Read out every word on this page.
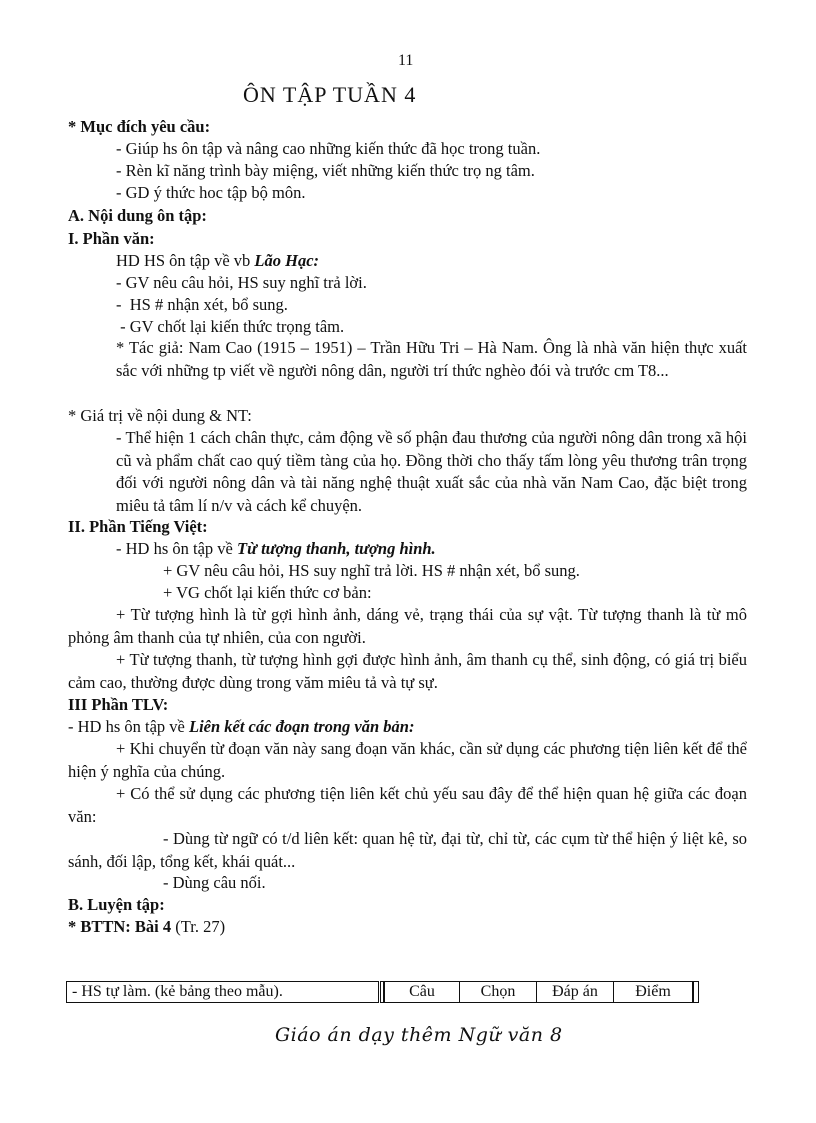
11
ÔN TẬP TUẦN 4
* Mục đích yêu cầu:
- Giúp hs ôn tập và nâng cao những kiến thức đã học trong tuần.
- Rèn kĩ năng trình bày miệng, viết những kiến thức trọ ng tâm.
- GD ý thức hoc tập bộ môn.
A. Nội dung ôn tập:
I. Phần văn:
HD HS ôn tập về vb Lão Hạc:
- GV nêu câu hỏi, HS suy nghĩ trả lời.
-  HS # nhận xét, bổ sung.
- GV chốt lại kiến thức trọng tâm.
* Tác giả: Nam Cao (1915 – 1951) – Trần Hữu Tri – Hà Nam. Ông là nhà văn hiện thực xuất sắc với những tp viết về người nông dân, người trí thức nghèo đói và trước cm T8...
* Giá trị về nội dung & NT:
- Thể hiện 1 cách chân thực, cảm động về số phận đau thương của người nông dân trong xã hội cũ và phẩm chất cao quý tiềm tàng của họ. Đồng thời cho thấy tấm lòng yêu thương trân trọng đối với người nông dân và tài năng nghệ thuật xuất sắc của nhà văn Nam Cao, đặc biệt trong miêu tả tâm lí n/v và cách kể chuyện.
II. Phần Tiếng Việt:
- HD hs ôn tập về Từ tượng thanh, tượng hình.
+ GV nêu câu hỏi, HS suy nghĩ trả lời. HS # nhận xét, bổ sung.
+ VG chốt lại kiến thức cơ bản:
+ Từ tượng hình là từ gợi hình ảnh, dáng vẻ, trạng thái của sự vật. Từ tượng thanh là từ mô phỏng âm thanh của tự nhiên, của con người.
+ Từ tượng thanh, từ tượng hình gợi được hình ảnh, âm thanh cụ thể, sinh động, có giá trị biểu cảm cao, thường được dùng trong văm miêu tả và tự sự.
III Phần TLV:
- HD hs ôn tập về Liên kết các đoạn trong văn bản:
+ Khi chuyển từ đoạn văn này sang đoạn văn khác, cần sử dụng các phương tiện liên kết để thể hiện ý nghĩa của chúng.
+ Có thể sử dụng các phương tiện liên kết chủ yếu sau đây để thể hiện quan hệ giữa các đoạn văn:
- Dùng từ ngữ có t/d liên kết: quan hệ từ, đại từ, chỉ từ, các cụm từ thể hiện ý liệt kê, so sánh, đối lập, tổng kết, khái quát...
- Dùng câu nối.
B. Luyện tập:
* BTTN: Bài 4 (Tr. 27)
- HS tự làm. (kẻ bảng theo mẫu).	Câu	Chọn	Đáp án	Điểm
Giáo án dạy thêm Ngữ văn 8
